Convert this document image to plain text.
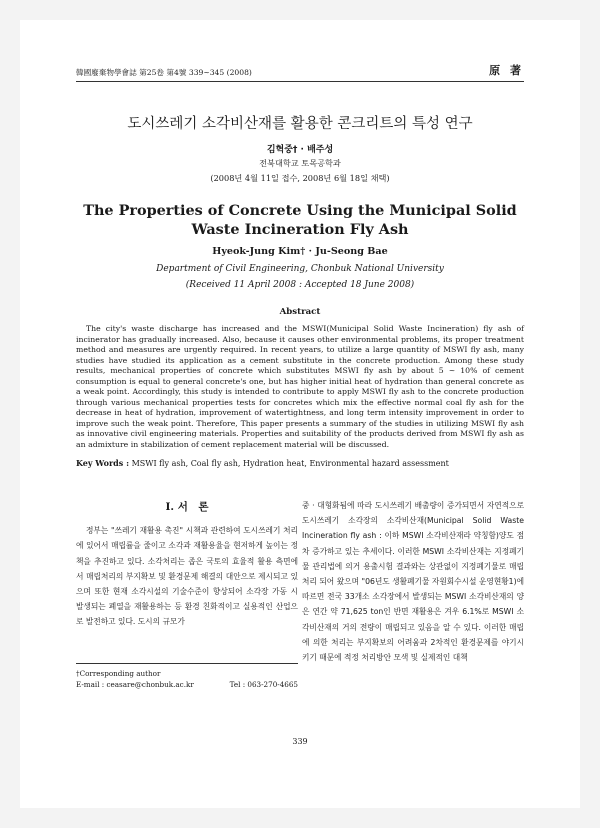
韓國廢棄物學會誌 第25卷 第4號 339~345 (2008)	原 著
도시쓰레기 소각비산재를 활용한 콘크리트의 특성 연구
김혁중† · 배주성
전북대학교 토목공학과
(2008년 4월 11일 접수, 2008년 6월 18일 채택)
The Properties of Concrete Using the Municipal Solid
Waste Incineration Fly Ash
Hyeok-Jung Kim† · Ju-Seong Bae
Department of Civil Engineering, Chonbuk National University
(Received 11 April 2008 : Accepted 18 June 2008)
Abstract

The city's waste discharge has increased and the MSWI(Municipal Solid Waste Incineration) fly ash of incinerator has gradually increased. Also, because it causes other environmental problems, its proper treatment method and measures are urgently required. In recent years, to utilize a large quantity of MSWI fly ash, many studies have studied its application as a cement substitute in the concrete production. Among these study results, mechanical properties of concrete which substitutes MSWI fly ash by about 5 ~ 10% of cement consumption is equal to general concrete's one, but has higher initial heat of hydration than general concrete as a weak point. Accordingly, this study is intended to contribute to apply MSWI fly ash to the concrete production through various mechanical properties tests for concretes which mix the effective normal coal fly ash for the decrease in heat of hydration, improvement of watertightness, and long term intensity improvement in order to improve such the weak point. Therefore, This paper presents a summary of the studies in utilizing MSWI fly ash as innovative civil engineering materials. Properties and suitability of the products derived from MSWI fly ash as an admixture in stabilization of cement replacement material will be discussed.

Key Words : MSWI fly ash, Coal fly ash, Hydration heat, Environmental hazard assessment
I. 서　론

정부는 "쓰레기 재활용 촉진" 시책과 관련하여 도시쓰레기 처리에 있어서 매립률을 줄이고 소각과 재활용율을 현저하게 높이는 정책을 추진하고 있다. 소각처리는 좁은 국토의 효율적 활용 측면에서 매립처리의 부지확보 및 환경문제 해결의 대안으로 제시되고 있으며 또한 현재 소각시설의 기술수준이 향상되어 소각장 가동 시 발생되는 폐열을 재활용하는 등 환경 친화적이고 실용적인 산업으로 발전하고 있다. 도시의 규모가

중 · 대형화됨에 따라 도시쓰레기 배출량이 증가되면서 자연적으로 도시쓰레기 소각장의 소각비산재(Municipal Solid Waste Incineration fly ash : 이하 MSWI 소각비산재라 약칭함)양도 점차 증가하고 있는 추세이다. 이러한 MSWI 소각비산재는 지정폐기물 관리법에 의거 용출시험 결과와는 상관없이 지정폐기물로 매립처리 되어 왔으며 "06년도 생활폐기물 자원회수시설 운영현황1)에 따르면 전국 33개소 소각장에서 발생되는 MSWI 소각비산재의 양은 연간 약 71,625 ton인 반면 재활용은 겨우 6.1%로 MSWI 소각비산재의 거의 전량이 매립되고 있음을 알 수 있다. 이러한 매립에 의한 처리는 부지확보의 어려움과 2차적인 환경문제를 야기시키기 때문에 적정 처리방안 모색 및 실제적인 대책

†Corresponding author
E-mail : ceasare@chonbuk.ac.kr	Tel : 063-270-4665
339
